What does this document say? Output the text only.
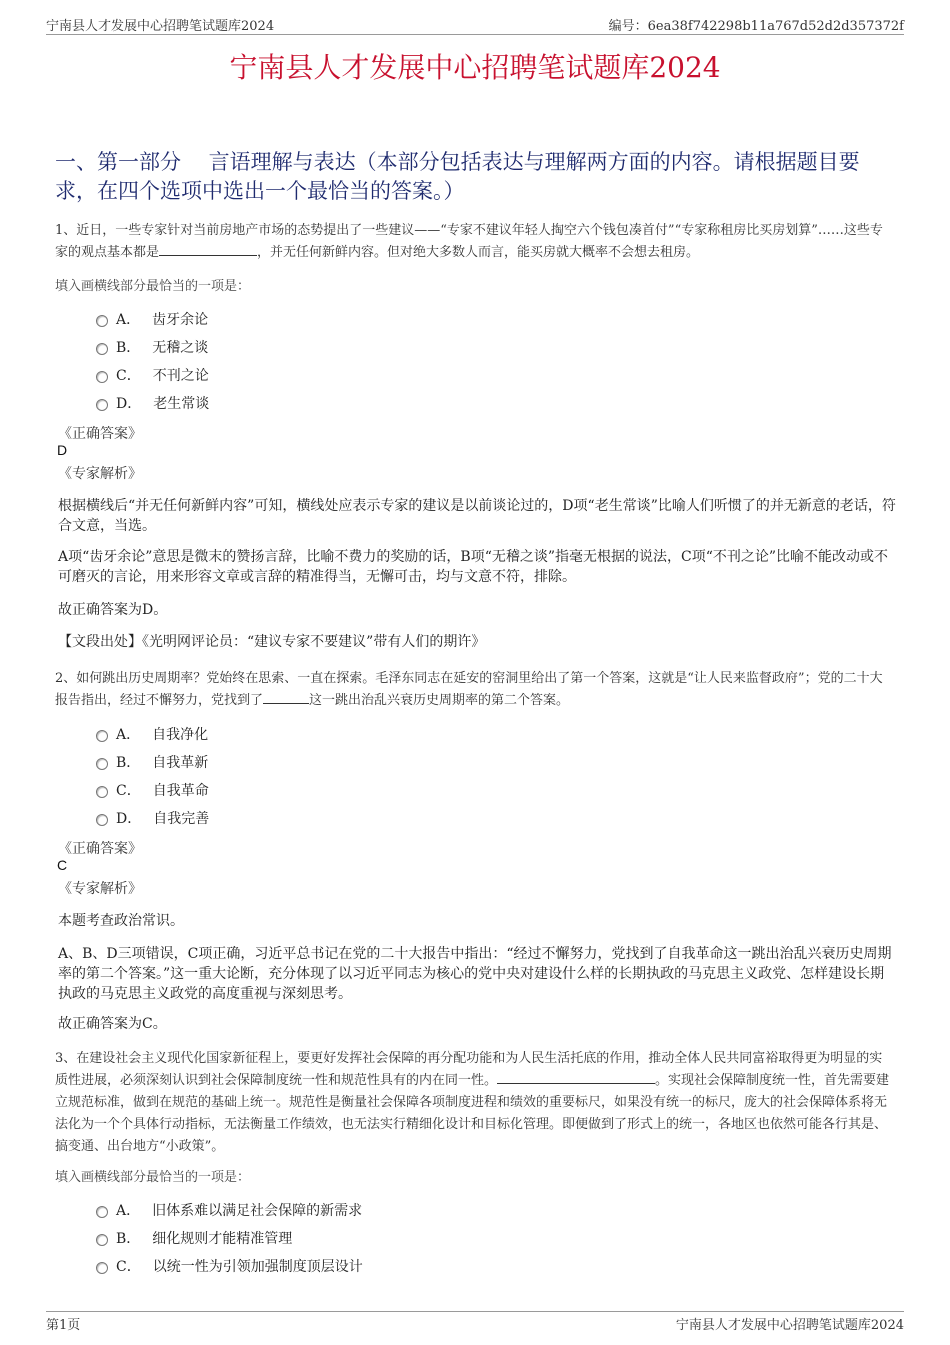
宁南县人才发展中心招聘笔试题库2024	编号：6ea38f742298b11a767d52d2d357372f
宁南县人才发展中心招聘笔试题库2024
一、第一部分　 言语理解与表达（本部分包括表达与理解两方面的内容。请根据题目要求，在四个选项中选出一个最恰当的答案。）
1、近日，一些专家针对当前房地产市场的态势提出了一些建议——“专家不建议年轻人掏空六个钱包凑首付”“专家称租房比买房划算”……这些专家的观点基本都是	，并无任何新鲜内容。但对绝大多数人而言，能买房就大概率不会想去租房。
填入画横线部分最恰当的一项是：
A． 齿牙余论
B． 无稽之谈
C． 不刊之论
D． 老生常谈
《正确答案》
D
《专家解析》
根据横线后“并无任何新鲜内容”可知，横线处应表示专家的建议是以前谈论过的，D项“老生常谈”比喻人们听惯了的并无新意的老话，符合文意，当选。
A项“齿牙余论”意思是微末的赞扬言辞，比喻不费力的奖励的话，B项“无稽之谈”指毫无根据的说法，C项“不刊之论”比喻不能改动或不可磨灭的言论，用来形容文章或言辞的精准得当，无懈可击，均与文意不符，排除。
故正确答案为D。
【文段出处】《光明网评论员：“建议专家不要建议”带有人们的期许》
2、如何跳出历史周期率？党始终在思索、一直在探索。毛泽东同志在延安的窑洞里给出了第一个答案，这就是“让人民来监督政府”；党的二十大报告指出，经过不懈努力，党找到了	这一跳出治乱兴衰历史周期率的第二个答案。
A． 自我净化
B． 自我革新
C． 自我革命
D． 自我完善
《正确答案》
C
《专家解析》
本题考查政治常识。
A、B、D三项错误，C项正确，习近平总书记在党的二十大报告中指出：“经过不懈努力，党找到了自我革命这一跳出治乱兴衰历史周期率的第二个答案。”这一重大论断，充分体现了以习近平同志为核心的党中央对建设什么样的长期执政的马克思主义政党、怎样建设长期执政的马克思主义政党的高度重视与深刻思考。
故正确答案为C。
3、在建设社会主义现代化国家新征程上，要更好发挥社会保障的再分配功能和为人民生活托底的作用，推动全体人民共同富裕取得更为明显的实质性进展，必须深刻认识到社会保障制度统一性和规范性具有的内在同一性。	。实现社会保障制度统一性，首先需要建立规范标准，做到在规范的基础上统一。规范性是衡量社会保障各项制度进程和绩效的重要标尺，如果没有统一的标尺，庞大的社会保障体系将无法化为一个个具体行动指标，无法衡量工作绩效，也无法实行精细化设计和目标化管理。即便做到了形式上的统一，各地区也依然可能各行其是、搞变通、出台地方“小政策”。
填入画横线部分最恰当的一项是：
A． 旧体系难以满足社会保障的新需求
B． 细化规则才能精准管理
C． 以统一性为引领加强制度顶层设计
第1页	宁南县人才发展中心招聘笔试题库2024
